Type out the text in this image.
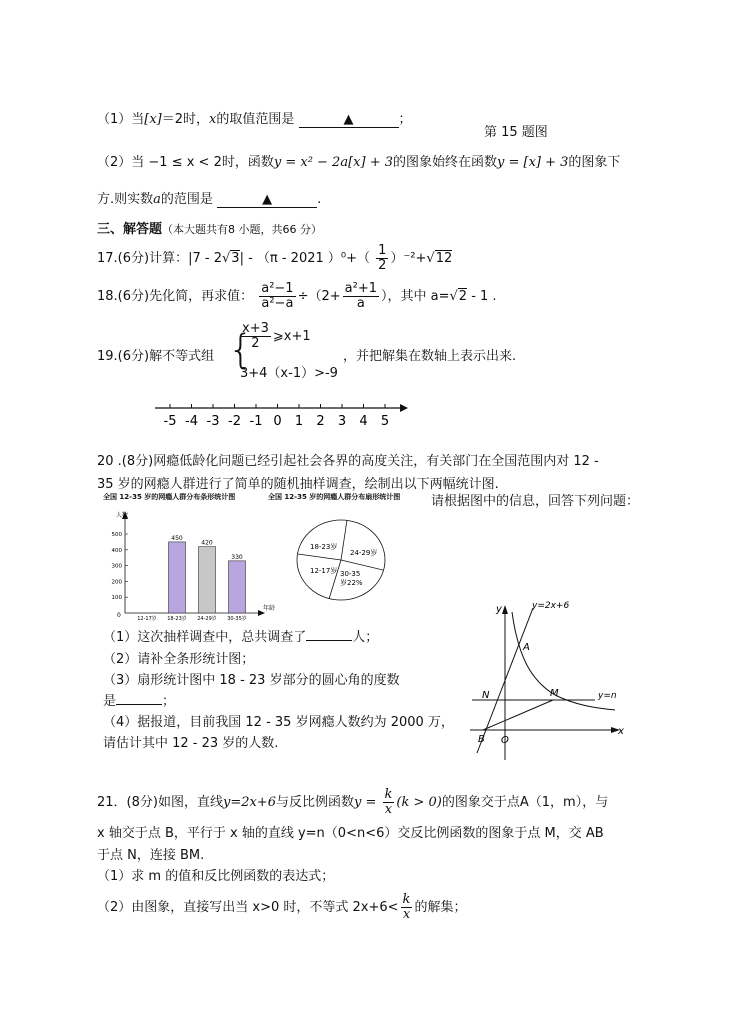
（1）当[x]＝2时，x的取值范围是	▲	；
第 15 题图
（2）当 −1 ≤ x < 2时，函数y = x² − 2a[x] + 3的图象始终在函数y = [x] + 3的图象下
方.则实数a的范围是	▲	.
三、解答题（本大题共有8 小题，共66 分）
17.(6分)计算：|7 - 2√3| - （π - 2021 ）$^0+( \frac{1}{2} )^{-2}+√12$
18.(6分)先化简，再求值： $\frac{\text{a²−1}}{\text{a²−a}} \div(2+ \frac{\text{a²+1}}{a}$ ），其中 a=√2 - 1 .
19.(6分)解不等式组 {
$\frac{x+3}{2}$ ⩾x+1
3+4（x-1）>-9
，并把解集在数轴上表示出来.
-5 -4 -3 -2 -1 0 1 2 3 4 5
20 .(8分)网瘾低龄化问题已经引起社会各界的高度关注，有关部门在全国范围内对 12 -
35 岁的网瘾人群进行了简单的随机抽样调查，绘制出以下两幅统计图.
全国 12-35 岁的网瘾人群分布条形统计图	全国 12-35 岁的网瘾人群分布扇形统计图 请根据图中的信息，回答下列问题：
人数
年龄
0
100
200
300
400
500	450
420
330
12-17岁 18-23岁 24-29岁 30-35岁
18-23岁
24-29岁
12-17岁 30-35
岁22%
（1）这次抽样调查中，总共调查了	人；
（2）请补全条形统计图；
（3）扇形统计图中 18 - 23 岁部分的圆心角的度数
是	；
（4）据报道，目前我国 12 - 35 岁网瘾人数约为 2000 万，
请估计其中 12 - 23 岁的人数.
y
x
y=2x+6
y=n
A
N	M
B O
21．(8分)如图，直线y=2x+6与反比例函数$y = \frac{k}{x} (k > 0)$的图象交于点A（1，m），与
x 轴交于点 B，平行于 x 轴的直线 y=n（0<n<6）交反比例函数的图象于点 M，交 AB
于点 N，连接 BM.
（1）求 m 的值和反比例函数的表达式；
（2）由图象，直接写出当 x>0 时，不等式 $2x+6< \frac{k}{x}$ 的解集；
